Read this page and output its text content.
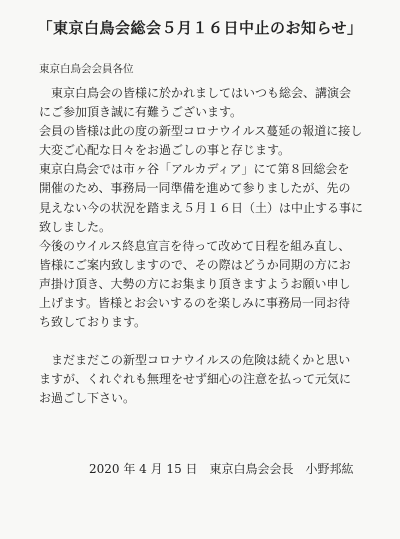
「東京白鳥会総会５月１６日中止のお知らせ」
東京白鳥会会員各位
　東京白鳥会の皆様に於かれましてはいつも総会、講演会
にご参加頂き誠に有難うございます。
会員の皆様は此の度の新型コロナウイルス蔓延の報道に接し
大変ご心配な日々をお過ごしの事と存じます。
東京白鳥会では市ヶ谷「アルカディア」にて第８回総会を
開催のため、事務局一同準備を進めて参りましたが、先の
見えない今の状況を踏まえ５月１６日（土）は中止する事に
致しました。
今後のウイルス終息宣言を待って改めて日程を組み直し、
皆様にご案内致しますので、その際はどうか同期の方にお
声掛け頂き、大勢の方にお集まり頂きますようお願い申し
上げます。皆様とお会いするのを楽しみに事務局一同お待
ち致しております。
　まだまだこの新型コロナウイルスの危険は続くかと思い
ますが、くれぐれも無理をせず細心の注意を払って元気に
お過ごし下さい。
2020 年 4 月 15 日　東京白鳥会会長　小野邦紘
